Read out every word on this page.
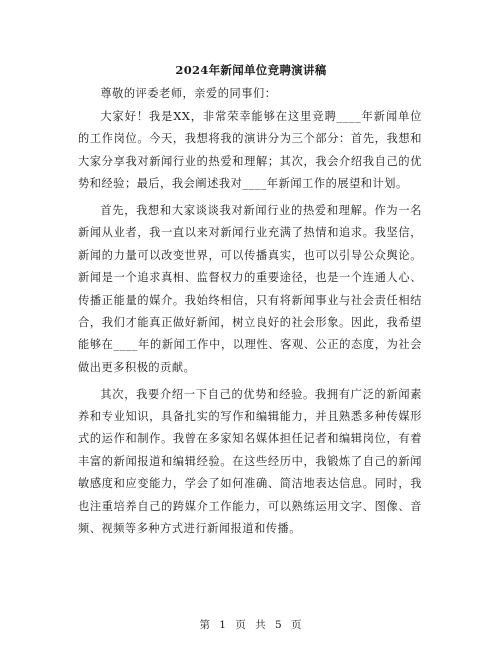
2024年新闻单位竞聘演讲稿

尊敬的评委老师，亲爱的同事们：

大家好！我是XX，非常荣幸能够在这里竞聘____年新闻单位的工作岗位。今天，我想将我的演讲分为三个部分：首先，我想和大家分享我对新闻行业的热爱和理解；其次，我会介绍我自己的优势和经验；最后，我会阐述我对____年新闻工作的展望和计划。

首先，我想和大家谈谈我对新闻行业的热爱和理解。作为一名新闻从业者，我一直以来对新闻行业充满了热情和追求。我坚信，新闻的力量可以改变世界，可以传播真实，也可以引导公众舆论。新闻是一个追求真相、监督权力的重要途径，也是一个连通人心、传播正能量的媒介。我始终相信，只有将新闻事业与社会责任相结合，我们才能真正做好新闻，树立良好的社会形象。因此，我希望能够在____年的新闻工作中，以理性、客观、公正的态度，为社会做出更多积极的贡献。

其次，我要介绍一下自己的优势和经验。我拥有广泛的新闻素养和专业知识，具备扎实的写作和编辑能力，并且熟悉多种传媒形式的运作和制作。我曾在多家知名媒体担任记者和编辑岗位，有着丰富的新闻报道和编辑经验。在这些经历中，我锻炼了自己的新闻敏感度和应变能力，学会了如何准确、简洁地表达信息。同时，我也注重培养自己的跨媒介工作能力，可以熟练运用文字、图像、音频、视频等多种方式进行新闻报道和传播。

第 1 页 共 5 页
